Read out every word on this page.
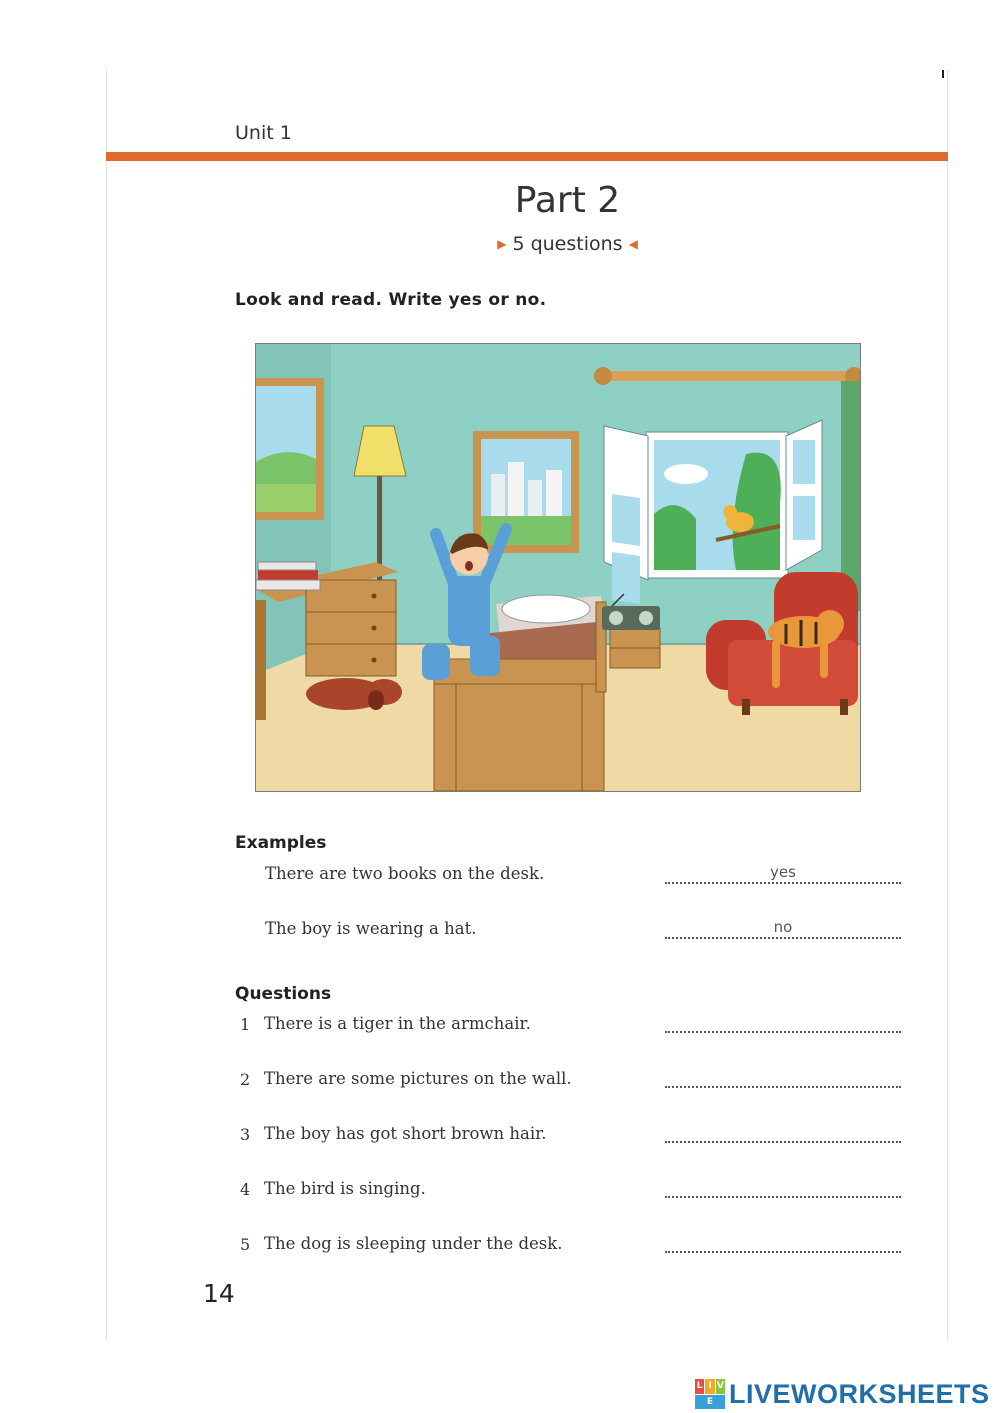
Unit 1
Part 2
▶ 5 questions ◀
Look and read. Write yes or no.
Examples
There are two books on the desk.	yes
The boy is wearing a hat.	no
Questions
1 There is a tiger in the armchair.
2 There are some pictures on the wall.
3 The boy has got short brown hair.
4 The bird is singing.
5 The dog is sleeping under the desk.
14
L I V
E LIVEWORKSHEETS
